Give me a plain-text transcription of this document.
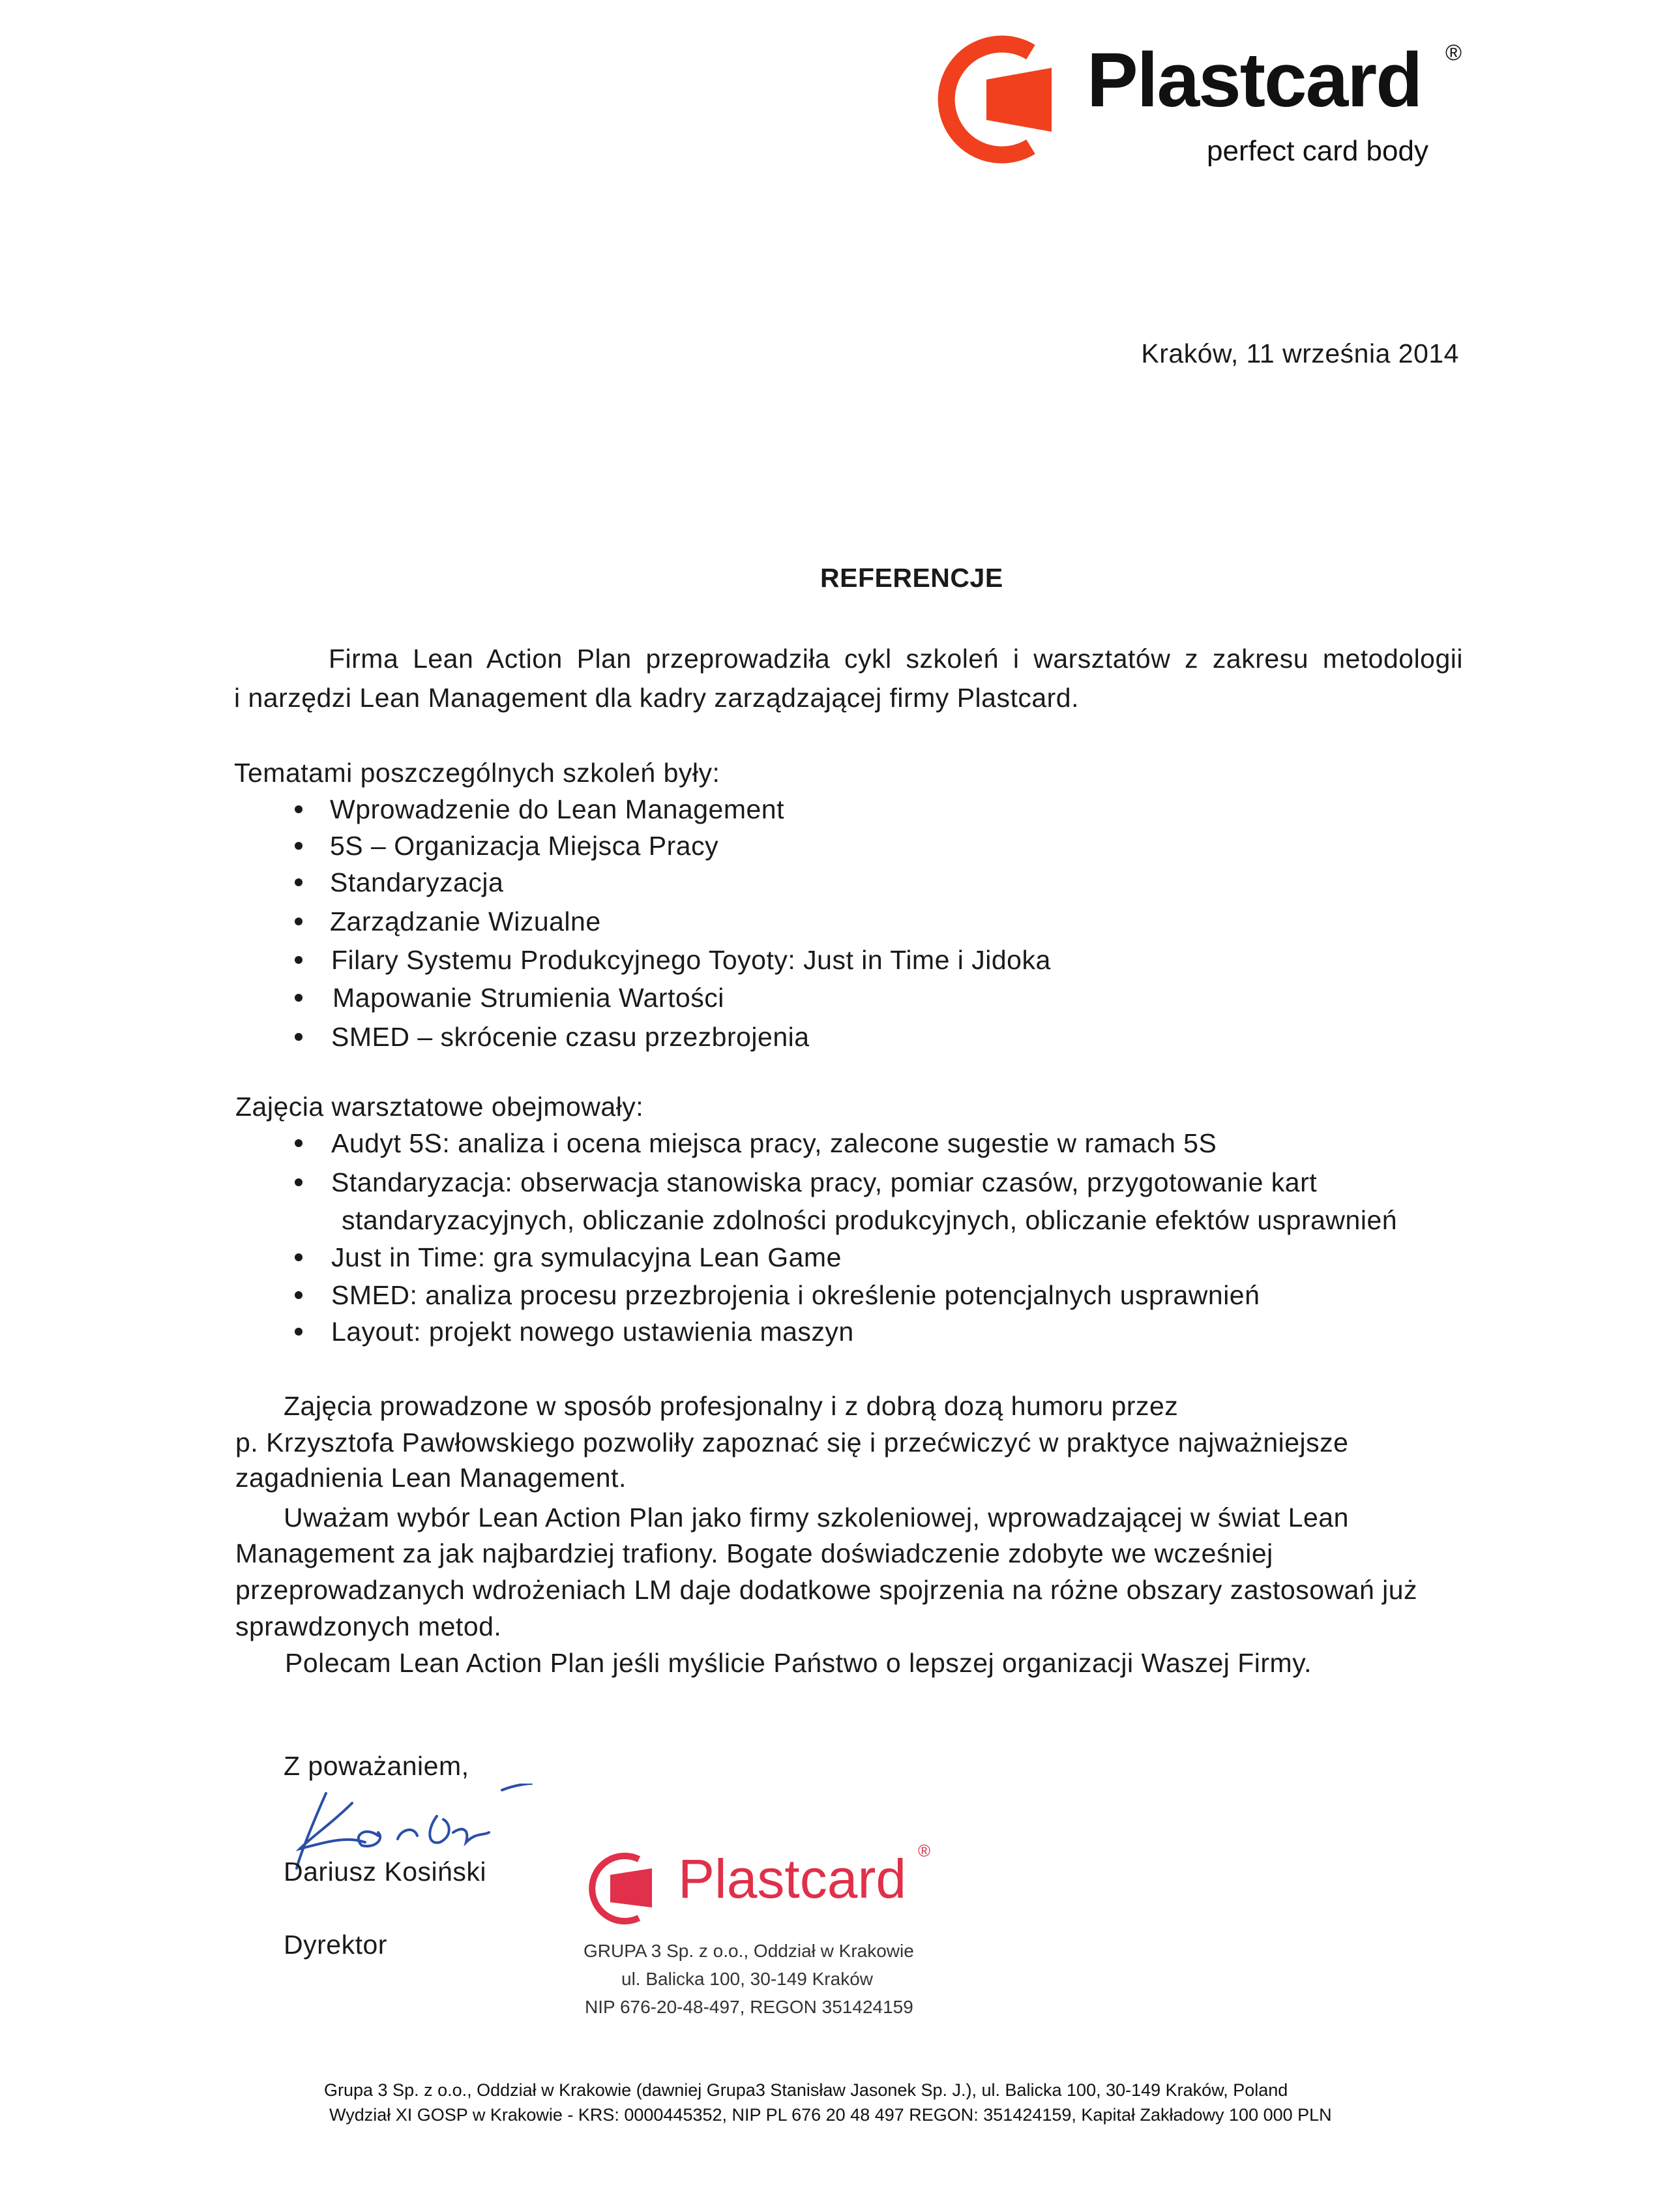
Plastcard ®
perfect card body
Kraków, 11 września 2014
REFERENCJE
Firma Lean Action Plan przeprowadziła cykl szkoleń i warsztatów z zakresu metodologii
i narzędzi Lean Management dla kadry zarządzającej firmy Plastcard.
Tematami poszczególnych szkoleń były:
Wprowadzenie do Lean Management
5S – Organizacja Miejsca Pracy
Standaryzacja
Zarządzanie Wizualne
Filary Systemu Produkcyjnego Toyoty: Just in Time i Jidoka
Mapowanie Strumienia Wartości
SMED – skrócenie czasu przezbrojenia
Zajęcia warsztatowe obejmowały:
Audyt 5S: analiza i ocena miejsca pracy, zalecone sugestie w ramach 5S
Standaryzacja: obserwacja stanowiska pracy, pomiar czasów, przygotowanie kart
standaryzacyjnych, obliczanie zdolności produkcyjnych, obliczanie efektów usprawnień
Just in Time: gra symulacyjna Lean Game
SMED: analiza procesu przezbrojenia i określenie potencjalnych usprawnień
Layout: projekt nowego ustawienia maszyn
Zajęcia prowadzone w sposób profesjonalny i z dobrą dozą humoru przez
p. Krzysztofa Pawłowskiego pozwoliły zapoznać się i przećwiczyć w praktyce najważniejsze
zagadnienia Lean Management.
Uważam wybór Lean Action Plan jako firmy szkoleniowej, wprowadzającej w świat Lean
Management za jak najbardziej trafiony. Bogate doświadczenie zdobyte we wcześniej
przeprowadzanych wdrożeniach LM daje dodatkowe spojrzenia na różne obszary zastosowań już
sprawdzonych metod.
Polecam Lean Action Plan jeśli myślicie Państwo o lepszej organizacji Waszej Firmy.
Z poważaniem,
Dariusz Kosiński
Dyrektor
Plastcard ®
GRUPA 3 Sp. z o.o., Oddział w Krakowie
ul. Balicka 100, 30-149 Kraków
NIP 676-20-48-497, REGON 351424159
Grupa 3 Sp. z o.o., Oddział w Krakowie (dawniej Grupa3 Stanisław Jasonek Sp. J.), ul. Balicka 100, 30-149 Kraków, Poland
Wydział XI GOSP w Krakowie - KRS: 0000445352, NIP PL 676 20 48 497 REGON: 351424159, Kapitał Zakładowy 100 000 PLN
